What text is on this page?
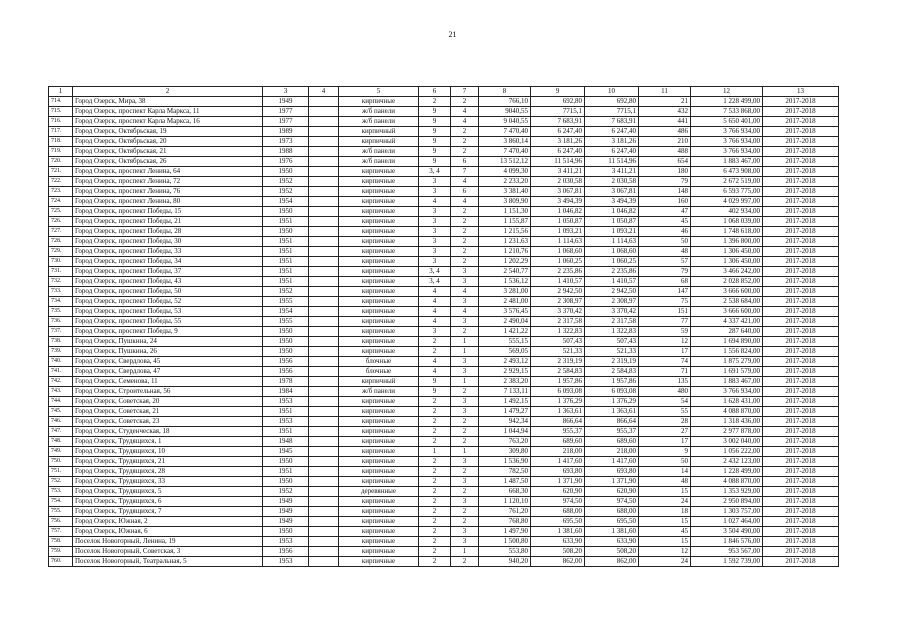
21
1	2	3	4	5	6	7	8	9	10	11	12	13
714.	Город Озерск, Мира, 38	1949		кирпичные	2	2	766,10	692,80	692,80	21	1 228 499,00	2017-2018
715.	Город Озерск, проспект Карла Маркса, 11	1977		ж/б панели	9	4	9040,55	7715,1	7715,1	432	7 533 868,00	2017-2018
716.	Город Озерск, проспект Карла Маркса, 16	1977		ж/б панели	9	4	9 040,55	7 683,91	7 683,91	441	5 650 401,00	2017-2018
717.	Город Озерск, Октябрьская, 19	1989		кирпичный	9	2	7 470,40	6 247,40	6 247,40	486	3 766 934,00	2017-2018
718.	Город Озерск, Октябрьская, 20	1973		кирпичный	9	2	3 860,14	3 181,26	3 181,26	210	3 766 934,00	2017-2018
719.	Город Озерск, Октябрьская, 21	1988		ж/б панели	9	2	7 470,40	6 247,40	6 247,40	488	3 766 934,00	2017-2018
720.	Город Озерск, Октябрьская, 26	1976		ж/б панели	9	6	13 512,12	11 514,96	11 514,96	654	1 883 467,00	2017-2018
721.	Город Озерск, проспект Ленина, 64	1950		кирпичные	3, 4	7	4 099,30	3 411,21	3 411,21	180	6 473 908,00	2017-2018
722.	Город Озерск, проспект Ленина, 72	1952		кирпичные	3	4	2 233,20	2 030,58	2 030,58	79	2 672 519,00	2017-2018
723.	Город Озерск, проспект Ленина, 76	1952		кирпичные	3	6	3 381,40	3 067,81	3 067,81	148	6 593 775,00	2017-2018
724.	Город Озерск, проспект Ленина, 80	1954		кирпичные	4	4	3 809,90	3 494,39	3 494,39	160	4 029 997,00	2017-2018
725.	Город Озерск, проспект Победы, 15	1950		кирпичные	3	2	1 151,30	1 046,82	1 046,82	47	402 934,00	2017-2018
726.	Город Озерск, проспект Победы, 21	1951		кирпичные	3	2	1 155,87	1 050,87	1 050,87	45	1 068 039,00	2017-2018
727.	Город Озерск, проспект Победы, 28	1950		кирпичные	3	2	1 215,56	1 093,21	1 093,21	46	1 748 618,00	2017-2018
728.	Город Озерск, проспект Победы, 30	1951		кирпичные	3	2	1 231,63	1 114,63	1 114,63	50	1 396 800,00	2017-2018
729.	Город Озерск, проспект Победы, 33	1951		кирпичные	3	2	1 210,76	1 068,60	1 068,60	48	1 306 450,00	2017-2018
730.	Город Озерск, проспект Победы, 34	1951		кирпичные	3	2	1 202,29	1 060,25	1 060,25	57	1 306 450,00	2017-2018
731.	Город Озерск, проспект Победы, 37	1951		кирпичные	3, 4	3	2 540,77	2 235,86	2 235,86	79	3 466 242,00	2017-2018
732.	Город Озерск, проспект Победы, 43	1951		кирпичные	3, 4	3	1 536,12	1 410,57	1 410,57	68	2 028 852,00	2017-2018
733.	Город Озерск, проспект Победы, 50	1952		кирпичные	4	4	3 281,00	2 942,50	2 942,50	147	3 666 600,00	2017-2018
734.	Город Озерск, проспект Победы, 52	1955		кирпичные	4	3	2 481,00	2 308,97	2 308,97	75	2 538 684,00	2017-2018
735.	Город Озерск, проспект Победы, 53	1954		кирпичные	4	4	3 576,45	3 370,42	3 370,42	151	3 666 600,00	2017-2018
736.	Город Озерск, проспект Победы, 55	1955		кирпичные	4	3	2 490,04	2 317,58	2 317,58	77	4 337 421,00	2017-2018
737.	Город Озерск, проспект Победы, 9	1950		кирпичные	3	2	1 421,22	1 322,83	1 322,83	59	287 640,00	2017-2018
738.	Город Озерск, Пушкина, 24	1950		кирпичные	2	1	555,15	507,43	507,43	12	1 694 890,00	2017-2018
739.	Город Озерск, Пушкина, 26	1950		кирпичные	2	1	569,05	521,33	521,33	17	1 556 824,00	2017-2018
740.	Город Озерск, Свердлова, 45	1956		блочные	4	3	2 493,12	2 319,19	2 319,19	74	1 875 279,00	2017-2018
741.	Город Озерск, Свердлова, 47	1956		блочные	4	3	2 929,15	2 584,83	2 584,83	71	1 691 579,00	2017-2018
742.	Город Озерск, Семенова, 11	1978		кирпичный	9	1	2 383,20	1 957,86	1 957,86	135	1 883 467,00	2017-2018
743.	Город Озерск, Строительная, 56	1984		ж/б панели	9	2	7 133,11	6 093,08	6 093,08	480	3 766 934,00	2017-2018
744.	Город Озерск, Советская, 20	1953		кирпичные	2	3	1 492,15	1 376,29	1 376,29	54	1 628 431,00	2017-2018
745.	Город Озерск, Советская, 21	1951		кирпичные	2	3	1 479,27	1 363,61	1 363,61	55	4 088 870,00	2017-2018
746.	Город Озерск, Советская, 23	1953		кирпичные	2	2	942,34	866,64	866,64	28	1 318 436,00	2017-2018
747.	Город Озерск, Студенческая, 18	1951		кирпичные	2	2	1 044,94	955,37	955,37	27	2 977 878,00	2017-2018
748.	Город Озерск, Трудящихся, 1	1948		кирпичные	2	2	763,20	689,60	689,60	17	3 002 040,00	2017-2018
749.	Город Озерск, Трудящихся, 10	1945		кирпичные	1	1	309,80	218,00	218,00	9	1 056 222,00	2017-2018
750.	Город Озерск, Трудящихся, 21	1950		кирпичные	2	3	1 536,90	1 417,60	1 417,60	50	2 432 123,00	2017-2018
751.	Город Озерск, Трудящихся, 28	1951		кирпичные	2	2	782,50	693,80	693,80	14	1 228 499,00	2017-2018
752.	Город Озерск, Трудящихся, 33	1950		кирпичные	2	3	1 487,50	1 371,90	1 371,90	48	4 088 870,00	2017-2018
753.	Город Озерск, Трудящихся, 5	1952		деревянные	2	2	668,30	620,90	620,90	15	1 353 929,00	2017-2018
754.	Город Озерск, Трудящихся, 6	1949		кирпичные	2	3	1 120,10	974,50	974,50	24	2 950 894,00	2017-2018
755.	Город Озерск, Трудящихся, 7	1949		кирпичные	2	2	761,20	688,00	688,00	18	1 303 757,00	2017-2018
756.	Город Озерск, Южная, 2	1949		кирпичные	2	2	768,80	695,50	695,50	15	1 027 464,00	2017-2018
757.	Город Озерск, Южная, 6	1950		кирпичные	2	3	1 497,90	1 381,60	1 381,60	45	3 504 490,00	2017-2018
758.	Поселок Новогорный, Ленина, 19	1953		кирпичные	2	3	1 500,80	633,90	633,90	15	1 846 576,00	2017-2018
759.	Поселок Новогорный, Советская, 3	1956		кирпичные	2	1	553,80	508,20	508,20	12	953 567,00	2017-2018
760.	Поселок Новогорный, Театральная, 5	1953		кирпичные	2	2	940,20	862,00	862,00	24	1 592 739,00	2017-2018
